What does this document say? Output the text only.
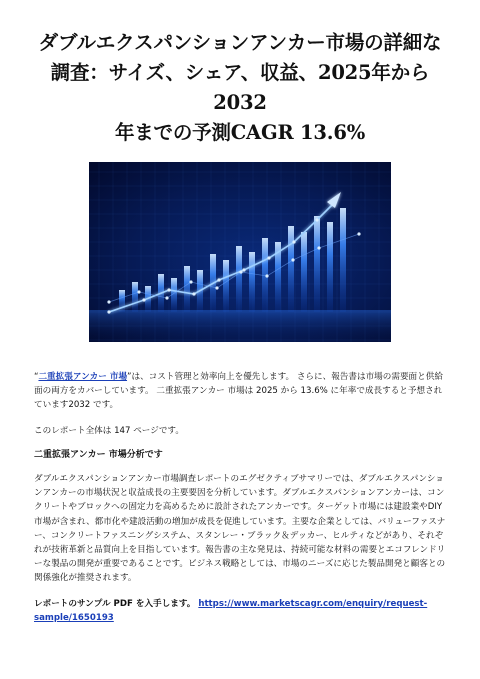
ダブルエクスパンションアンカー市場の詳細な
調査：サイズ、シェア、収益、2025年から2032
年までの予測CAGR 13.6%

“二重拡張アンカー 市場”は、コスト管理と効率向上を優先します。 さらに、報告書は市場の需要面と供給面の両方をカバーしています。 二重拡張アンカー 市場は 2025 から 13.6% に年率で成長すると予想されています2032 です。

このレポート全体は 147 ページです。

二重拡張アンカー 市場分析です

ダブルエクスパンションアンカー市場調査レポートのエグゼクティブサマリーでは、ダブルエクスパンションアンカーの市場状況と収益成長の主要要因を分析しています。ダブルエクスパンションアンカーは、コンクリートやブロックへの固定力を高めるために設計されたアンカーです。ターゲット市場には建設業やDIY市場が含まれ、都市化や建設活動の増加が成長を促進しています。主要な企業としては、バリューファスナー、コンクリートファスニングシステム、スタンレー・ブラック＆デッカー、ヒルティなどがあり、それぞれが技術革新と品質向上を目指しています。報告書の主な発見は、持続可能な材料の需要とエコフレンドリーな製品の開発が重要であることです。ビジネス戦略としては、市場のニーズに応じた製品開発と顧客との関係強化が推奨されます。

レポートのサンプル PDF を入手します。 https://www.marketscagr.com/enquiry/request-sample/1650193
